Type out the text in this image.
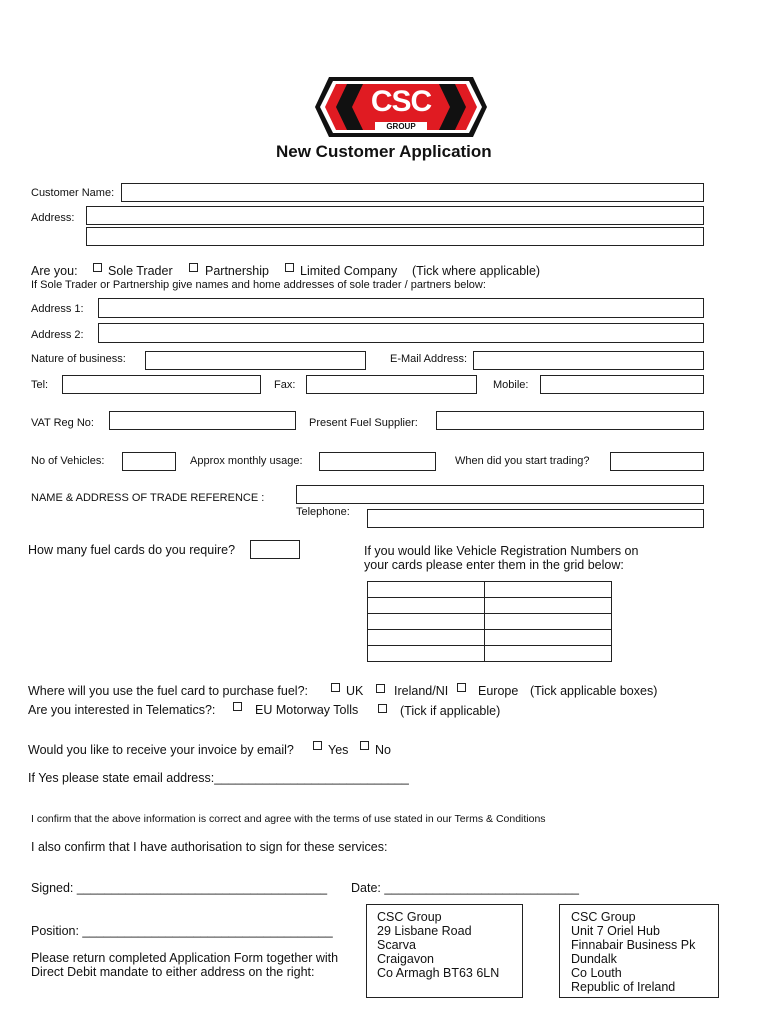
CSC
GROUP
New Customer Application
Customer Name:
Address:
Are you: Sole Trader	Partnership Limited Company (Tick where applicable)
If Sole Trader or Partnership give names and home addresses of sole trader / partners below:
Address 1:
Address 2:
Nature of business:	E-Mail Address:
Tel:	Fax:	Mobile:
VAT Reg No:	Present Fuel Supplier:
No of Vehicles:	Approx monthly usage:	When did you start trading?
NAME & ADDRESS OF TRADE REFERENCE :
Telephone:
How many fuel cards do you require?	If you would like Vehicle Registration Numbers on
your cards please enter them in the grid below:

Where will you use the fuel card to purchase fuel?:	UK Ireland/NI Europe (Tick applicable boxes)
Are you interested in Telematics?:	EU Motorway Tolls	(Tick if applicable)
Would you like to receive your invoice by email?	Yes No
If Yes please state email address:____________________________
I confirm that the above information is correct and agree with the terms of use stated in our Terms & Conditions
I also confirm that I have authorisation to sign for these services:
Signed: ____________________________________ Date: ____________________________
Position: ____________________________________
Please return completed Application Form together with
Direct Debit mandate to either address on the right:
CSC Group
29 Lisbane Road
Scarva
Craigavon
Co Armagh BT63 6LN
CSC Group
Unit 7 Oriel Hub
Finnabair Business Pk
Dundalk
Co Louth
Republic of Ireland
